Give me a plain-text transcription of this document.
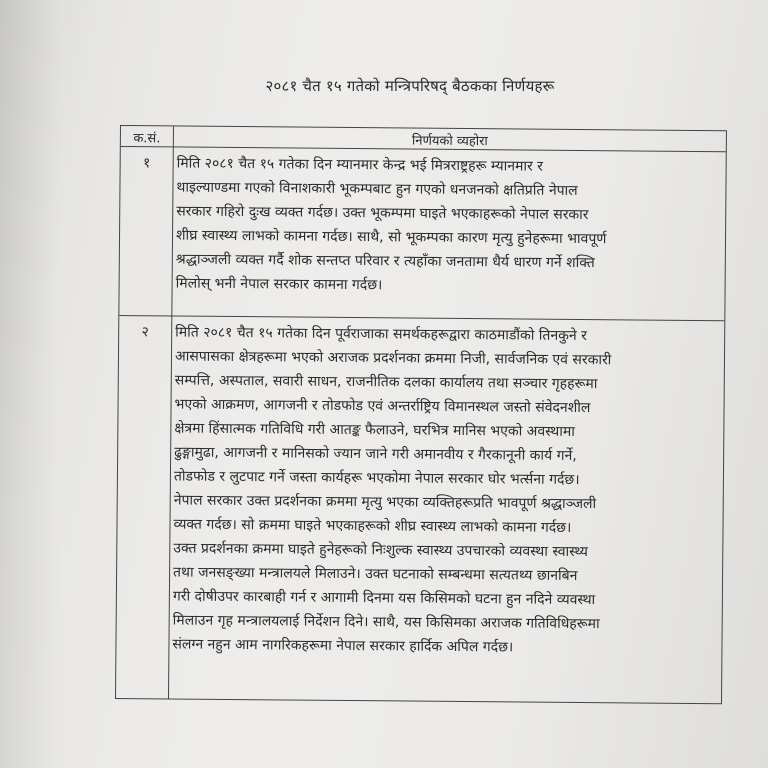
२०८१ चैत १५ गतेको मन्त्रिपरिषद् बैठकका निर्णयहरू
क.सं.	निर्णयको व्यहोरा
१	मिति २०८१ चैत १५ गतेका दिन म्यानमार केन्द्र भई मित्रराष्ट्रहरू म्यानमार र
थाइल्याण्डमा गएको विनाशकारी भूकम्पबाट हुन गएको धनजनको क्षतिप्रति नेपाल
सरकार गहिरो दुःख व्यक्त गर्दछ। उक्त भूकम्पमा घाइते भएकाहरूको नेपाल सरकार
शीघ्र स्वास्थ्य लाभको कामना गर्दछ। साथै, सो भूकम्पका कारण मृत्यु हुनेहरूमा भावपूर्ण
श्रद्धाञ्जली व्यक्त गर्दै शोक सन्तप्त परिवार र त्यहाँका जनतामा धैर्य धारण गर्ने शक्ति
मिलोस् भनी नेपाल सरकार कामना गर्दछ।
२	मिति २०८१ चैत १५ गतेका दिन पूर्वराजाका समर्थकहरूद्वारा काठमाडौंको तिनकुने र
आसपासका क्षेत्रहरूमा भएको अराजक प्रदर्शनका क्रममा निजी, सार्वजनिक एवं सरकारी
सम्पत्ति, अस्पताल, सवारी साधन, राजनीतिक दलका कार्यालय तथा सञ्चार गृहहरूमा
भएको आक्रमण, आगजनी र तोडफोड एवं अन्तर्राष्ट्रिय विमानस्थल जस्तो संवेदनशील
क्षेत्रमा हिंसात्मक गतिविधि गरी आतङ्क फैलाउने, घरभित्र मानिस भएको अवस्थामा
ढुङ्गामुढा, आगजनी र मानिसको ज्यान जाने गरी अमानवीय र गैरकानूनी कार्य गर्ने,
तोडफोड र लुटपाट गर्ने जस्ता कार्यहरू भएकोमा नेपाल सरकार घोर भर्त्सना गर्दछ।
नेपाल सरकार उक्त प्रदर्शनका क्रममा मृत्यु भएका व्यक्तिहरूप्रति भावपूर्ण श्रद्धाञ्जली
व्यक्त गर्दछ। सो क्रममा घाइते भएकाहरूको शीघ्र स्वास्थ्य लाभको कामना गर्दछ।
उक्त प्रदर्शनका क्रममा घाइते हुनेहरूको निःशुल्क स्वास्थ्य उपचारको व्यवस्था स्वास्थ्य
तथा जनसङ्ख्या मन्त्रालयले मिलाउने। उक्त घटनाको सम्बन्धमा सत्यतथ्य छानबिन
गरी दोषीउपर कारबाही गर्न र आगामी दिनमा यस किसिमको घटना हुन नदिने व्यवस्था
मिलाउन गृह मन्त्रालयलाई निर्देशन दिने। साथै, यस किसिमका अराजक गतिविधिहरूमा
संलग्न नहुन आम नागरिकहरूमा नेपाल सरकार हार्दिक अपिल गर्दछ।
